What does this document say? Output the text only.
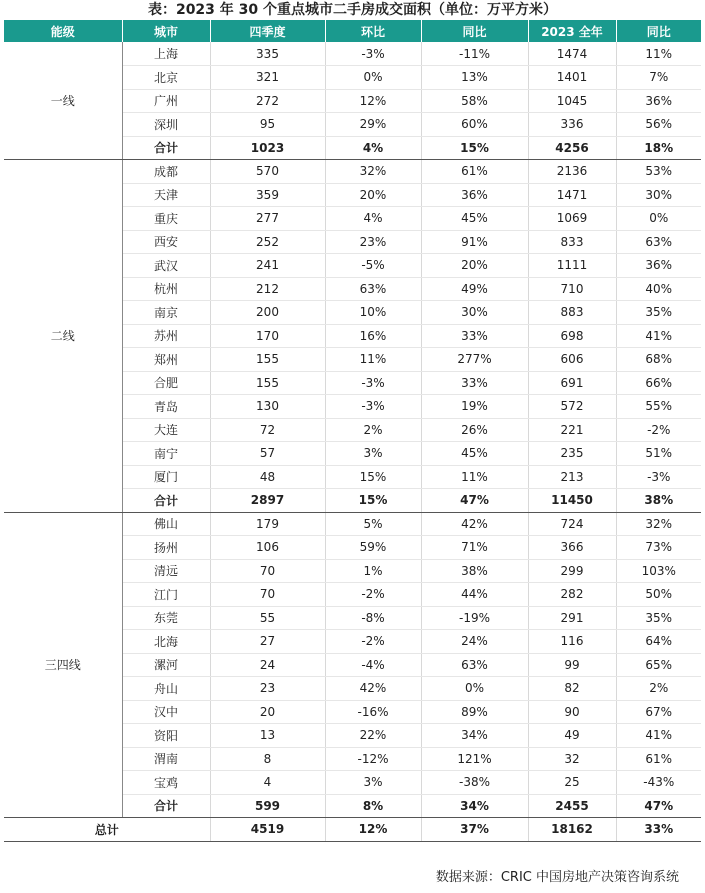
表：2023 年 30 个重点城市二手房成交面积（单位：万平方米）
能级	城市	四季度	环比	同比	2023 全年	同比
一线	上海	335	-3%	-11%	1474	11%
	北京	321	0%	13%	1401	7%
	广州	272	12%	58%	1045	36%
	深圳	95	29%	60%	336	56%
	合计	1023	4%	15%	4256	18%
二线	成都	570	32%	61%	2136	53%
	天津	359	20%	36%	1471	30%
	重庆	277	4%	45%	1069	0%
	西安	252	23%	91%	833	63%
	武汉	241	-5%	20%	1111	36%
	杭州	212	63%	49%	710	40%
	南京	200	10%	30%	883	35%
	苏州	170	16%	33%	698	41%
	郑州	155	11%	277%	606	68%
	合肥	155	-3%	33%	691	66%
	青岛	130	-3%	19%	572	55%
	大连	72	2%	26%	221	-2%
	南宁	57	3%	45%	235	51%
	厦门	48	15%	11%	213	-3%
	合计	2897	15%	47%	11450	38%
三四线	佛山	179	5%	42%	724	32%
	扬州	106	59%	71%	366	73%
	清远	70	1%	38%	299	103%
	江门	70	-2%	44%	282	50%
	东莞	55	-8%	-19%	291	35%
	北海	27	-2%	24%	116	64%
	漯河	24	-4%	63%	99	65%
	舟山	23	42%	0%	82	2%
	汉中	20	-16%	89%	90	67%
	资阳	13	22%	34%	49	41%
	渭南	8	-12%	121%	32	61%
	宝鸡	4	3%	-38%	25	-43%
	合计	599	8%	34%	2455	47%
总计		4519	12%	37%	18162	33%
数据来源：CRIC 中国房地产决策咨询系统
